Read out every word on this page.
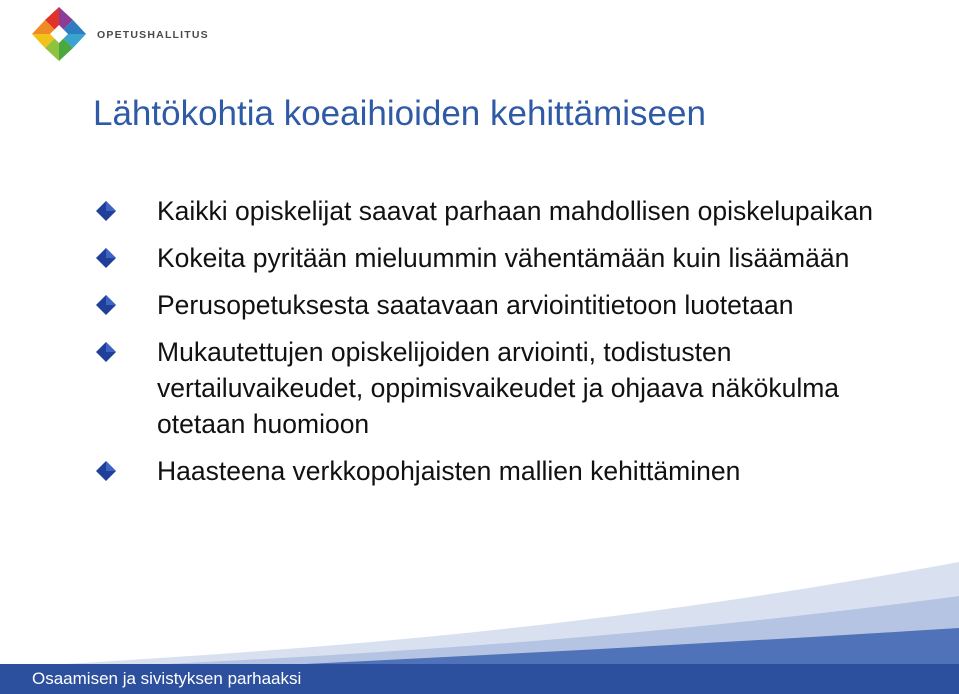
OPETUSHALLITUS
Lähtökohtia koeaihioiden kehittämiseen
Kaikki opiskelijat saavat parhaan mahdollisen opiskelupaikan
Kokeita pyritään mieluummin vähentämään kuin lisäämään
Perusopetuksesta saatavaan arviointitietoon luotetaan
Mukautettujen opiskelijoiden arviointi, todistusten vertailuvaikeudet, oppimisvaikeudet ja ohjaava näkökulma otetaan huomioon
Haasteena verkkopohjaisten mallien kehittäminen
Osaamisen ja sivistyksen parhaaksi
